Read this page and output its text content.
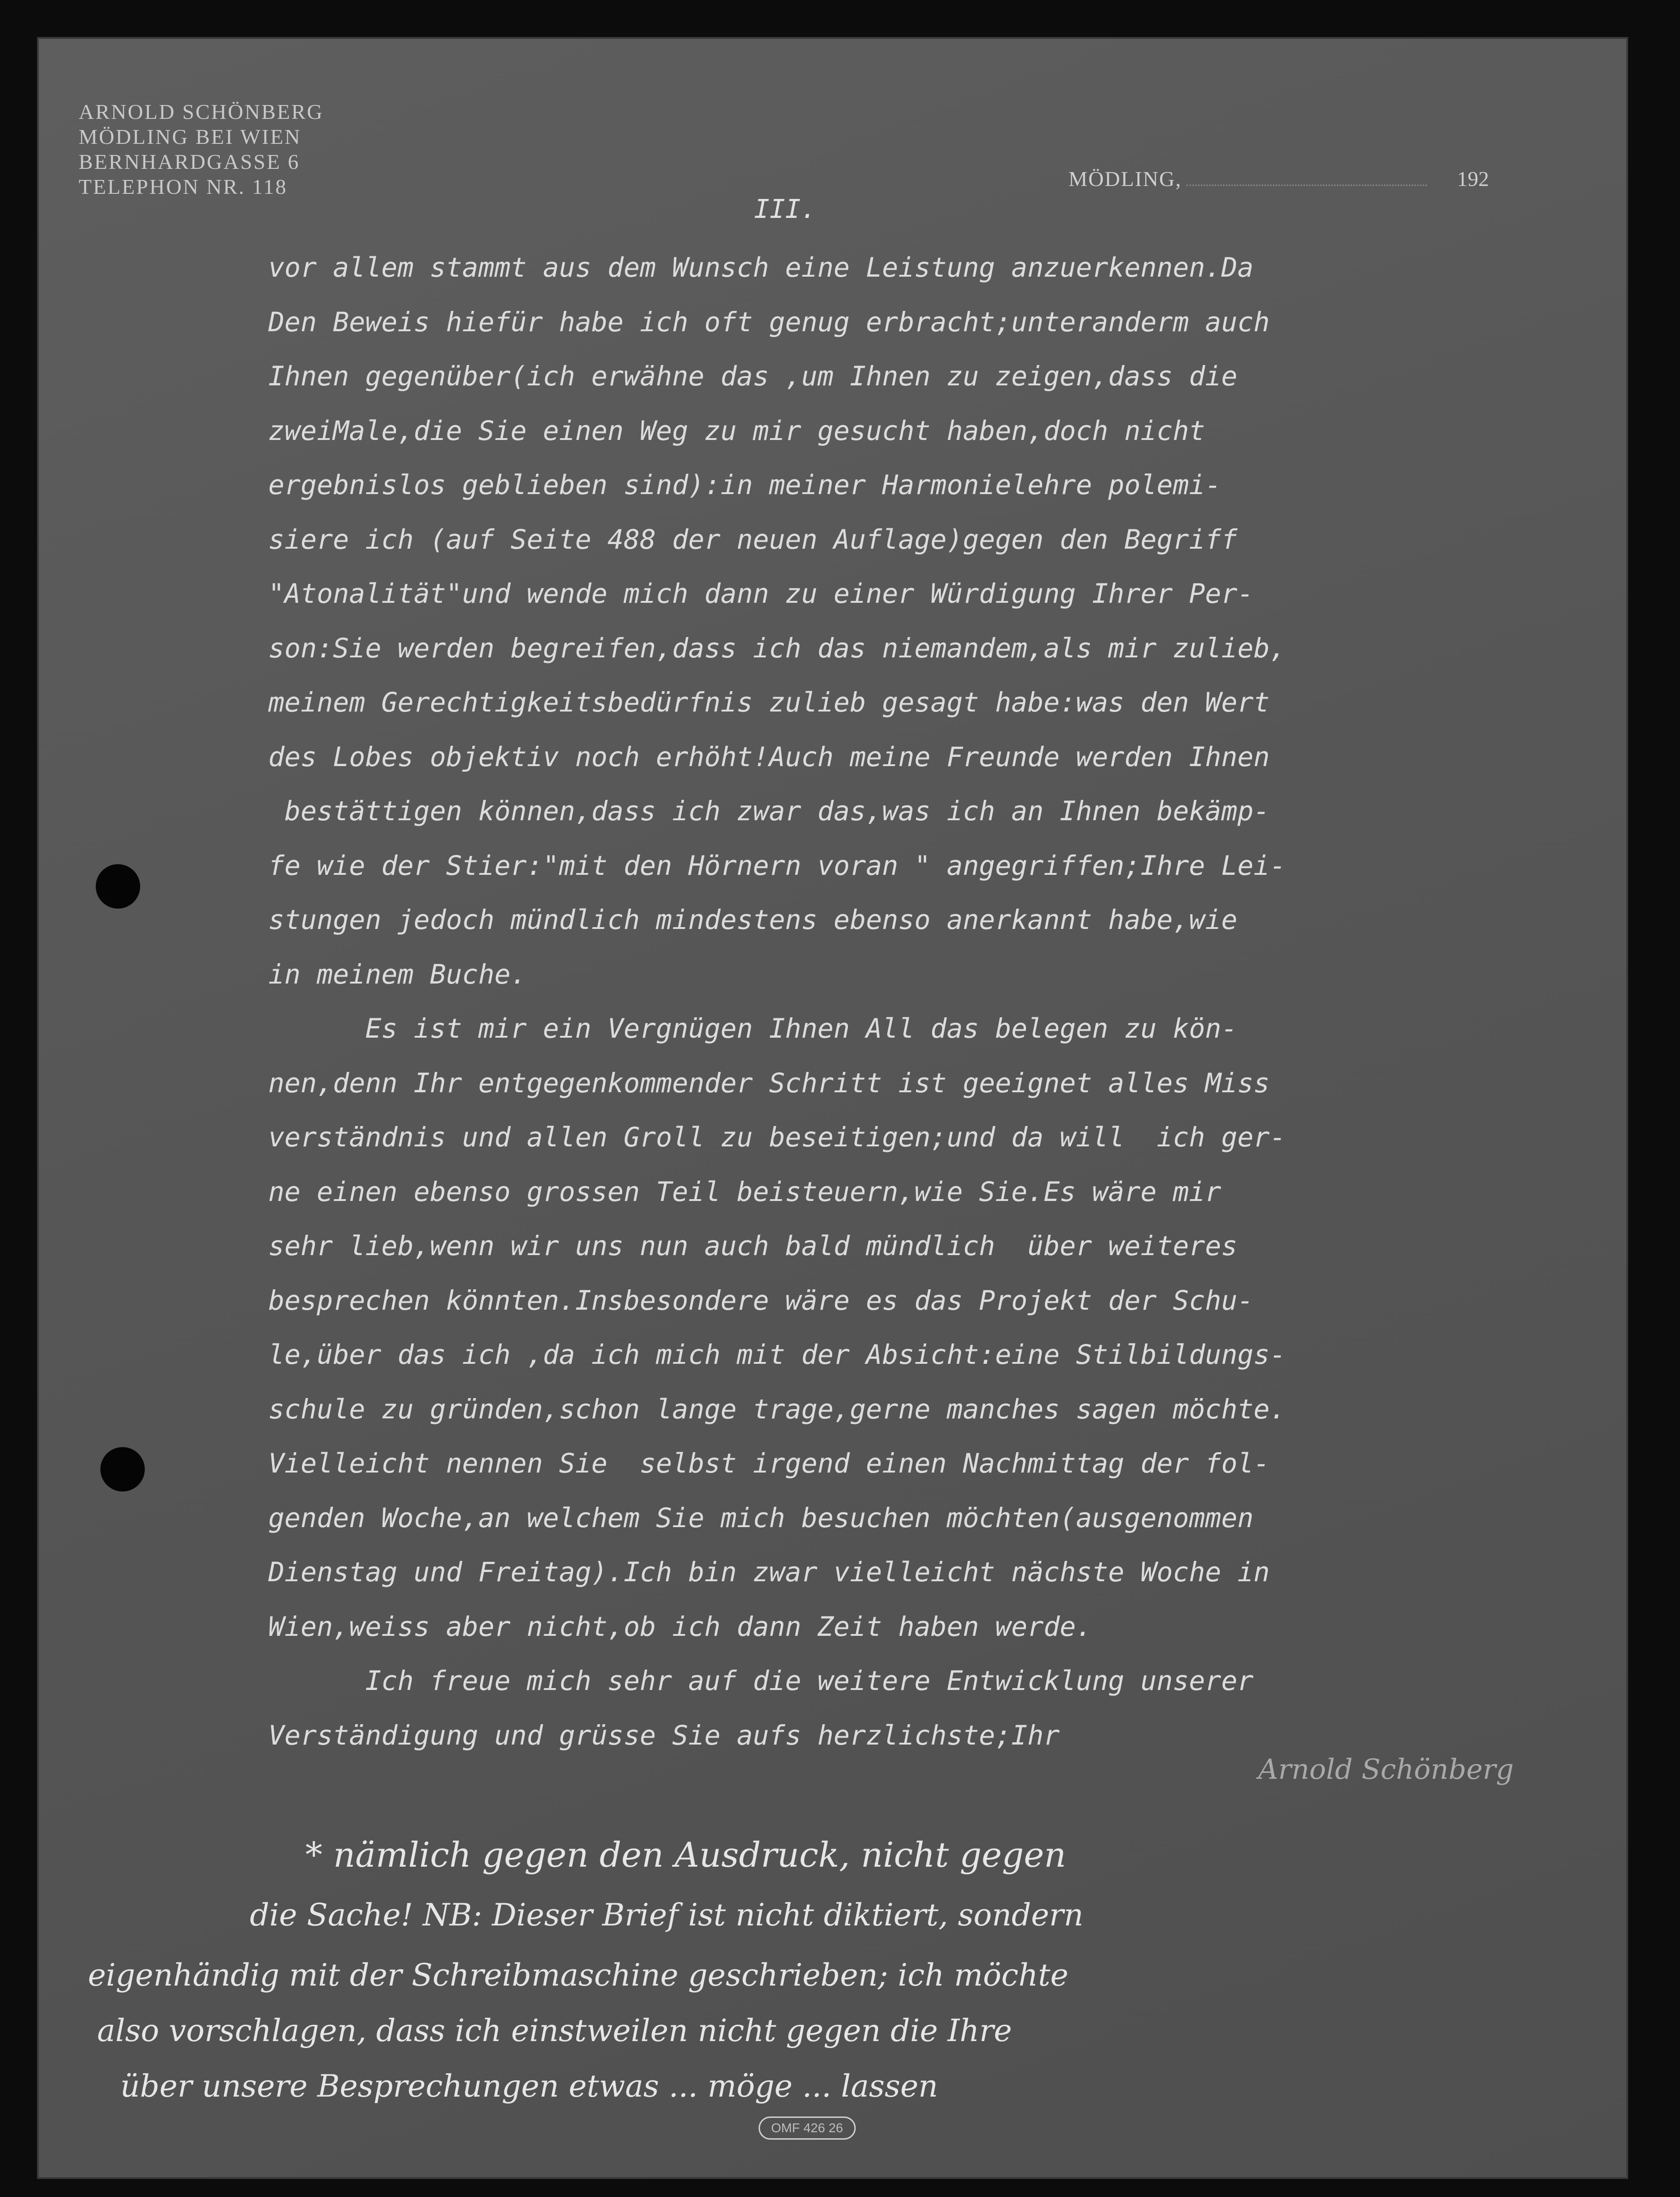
ARNOLD SCHÖNBERG
MÖDLING BEI WIEN
BERNHARDGASSE 6
TELEPHON NR. 118	MÖDLING,	192
III.
vor allem stammt aus dem Wunsch eine Leistung anzuerkennen.Da
Den Beweis hiefür habe ich oft genug erbracht;unteranderm auch
Ihnen gegenüber(ich erwähne das ,um Ihnen zu zeigen,dass die
zweiMale,die Sie einen Weg zu mir gesucht haben,doch nicht
ergebnislos geblieben sind):in meiner Harmonielehre polemi-
siere ich (auf Seite 488 der neuen Auflage)gegen den Begriff
"Atonalität"und wende mich dann zu einer Würdigung Ihrer Per-
son:Sie werden begreifen,dass ich das niemandem,als mir zulieb,
meinem Gerechtigkeitsbedürfnis zulieb gesagt habe:was den Wert
des Lobes objektiv noch erhöht!Auch meine Freunde werden Ihnen
bestättigen können,dass ich zwar das,was ich an Ihnen bekämp-
fe wie der Stier:"mit den Hörnern voran " angegriffen;Ihre Lei-
stungen jedoch mündlich mindestens ebenso anerkannt habe,wie
in meinem Buche.
Es ist mir ein Vergnügen Ihnen All das belegen zu kön-
nen,denn Ihr entgegenkommender Schritt ist geeignet alles Miss
verständnis und allen Groll zu beseitigen;und da will  ich ger-
ne einen ebenso grossen Teil beisteuern,wie Sie.Es wäre mir
sehr lieb,wenn wir uns nun auch bald mündlich  über weiteres
besprechen könnten.Insbesondere wäre es das Projekt der Schu-
le,über das ich ,da ich mich mit der Absicht:eine Stilbildungs-
schule zu gründen,schon lange trage,gerne manches sagen möchte.
Vielleicht nennen Sie  selbst irgend einen Nachmittag der fol-
genden Woche,an welchem Sie mich besuchen möchten(ausgenommen
Dienstag und Freitag).Ich bin zwar vielleicht nächste Woche in
Wien,weiss aber nicht,ob ich dann Zeit haben werde.
Ich freue mich sehr auf die weitere Entwicklung unserer
Verständigung und grüsse Sie aufs herzlichste;Ihr
Arnold Schönberg
* nämlich gegen den Ausdruck, nicht gegen
die Sache! NB: Dieser Brief ist nicht diktiert, sondern
eigenhändig mit der Schreibmaschine geschrieben; ich möchte
also vorschlagen, dass ich einstweilen nicht gegen die Ihre
über unsere Besprechungen etwas ... möge ... lassen
OMF 426 26
